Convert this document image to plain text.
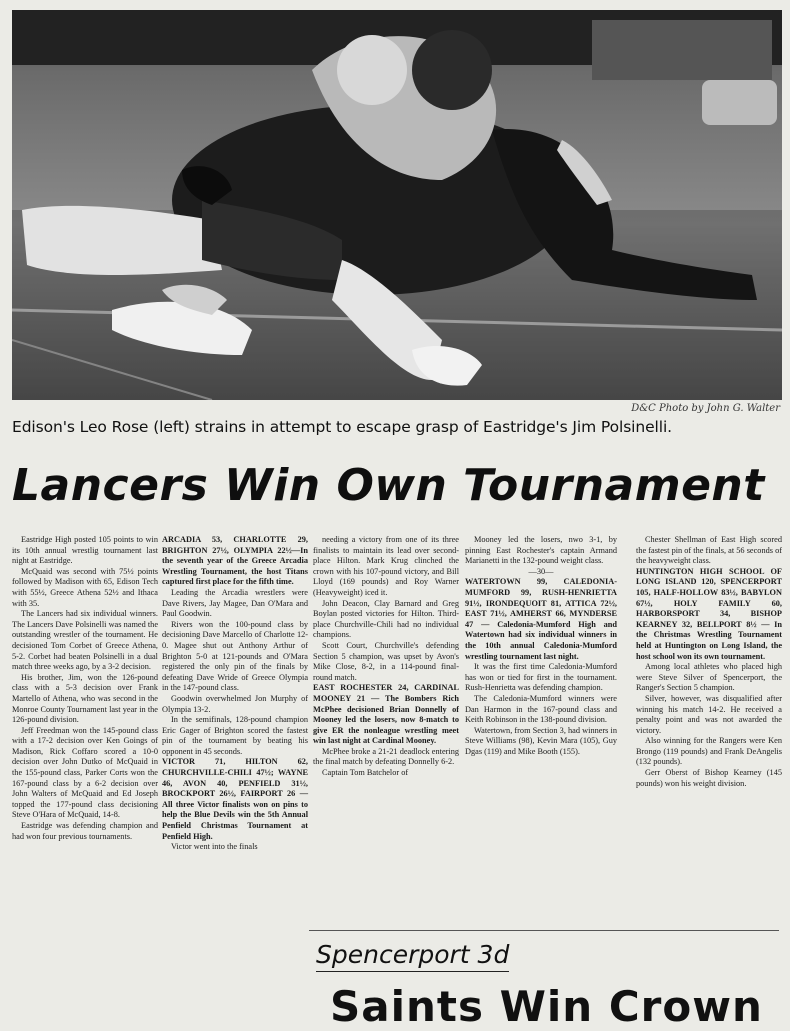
D&C Photo by John G. Walter
Edison's Leo Rose (left) strains in attempt to escape grasp of Eastridge's Jim Polsinelli.
Lancers Win Own Tournament

Eastridge High posted 105 points to win its 10th annual wrestlig tournament last night at Eastridge.

McQuaid was second with 75½ points followed by Madison with 65, Edison Tech with 55½, Greece Athena 52½ and Ithaca with 35.

The Lancers had six individual winners. The Lancers Dave Polsinelli was named the outstanding wrestler of the tournament. He decisioned Tom Corbet of Greece Athena, 5-2. Corbet had beaten Polsinelli in a dual match three weeks ago, by a 3-2 decision.

His brother, Jim, won the 126-pound class with a 5-3 decision over Frank Martello of Athena, who was second in the Monroe County Tournament last year in the 126-pound division.

Jeff Freedman won the 145-pound class with a 17-2 decision over Ken Goings of Madison, Rick Coffaro scored a 10-0 decision over John Dutko of McQuaid in the 155-pound class, Parker Corts won the 167-pound class by a 6-2 decision over John Walters of McQuaid and Ed Joseph topped the 177-pound class decisioning Steve O'Hara of McQuaid, 14-8.

Eastridge was defending champion and had won four previous tournaments.

ARCADIA 53, CHARLOTTE 29, BRIGHTON 27½, OLYMPIA 22½—In the seventh year of the Greece Arcadia Wrestling Tournament, the host Titans captured first place for the fifth time.

Leading the Arcadia wrestlers were Dave Rivers, Jay Magee, Dan O'Mara and Paul Goodwin.

Rivers won the 100-pound class by decisioning Dave Marcello of Charlotte 12-0. Magee shut out Anthony Arthur of Brighton 5-0 at 121-pounds and O'Mara registered the only pin of the finals by defeating Dave Wride of Greece Olympia in the 147-pound class.

Goodwin overwhelmed Jon Murphy of Olympia 13-2.

In the semifinals, 128-pound champion Eric Gager of Brighton scored the fastest pin of the tournament by beating his opponent in 45 seconds.

VICTOR 71, HILTON 62, CHURCHVILLE-CHILI 47½; WAYNE 46, AVON 40, PENFIELD 31½, BROCKPORT 26½, FAIRPORT 26 — All three Victor finalists won on pins to help the Blue Devils win the 5th Annual Penfield Christmas Tournament at Penfield High.

Victor went into the finals

needing a victory from one of its three finalists to maintain its lead over second-place Hilton. Mark Krug clinched the crown with his 107-pound victory, and Bill Lloyd (169 pounds) and Roy Warner (Heavyweight) iced it.

John Deacon, Clay Barnard and Greg Boylan posted victories for Hilton. Third-place Churchville-Chili had no individual champions.

Scott Court, Churchville's defending Section 5 champion, was upset by Avon's Mike Close, 8-2, in a 114-pound final-round match.

EAST ROCHESTER 24, CARDINAL MOONEY 21 — The Bombers Rich McPhee decisioned Brian Donnelly of Mooney led the losers, now 8-match to give ER the nonleague wrestling meet win last night at Cardinal Mooney.

McPhee broke a 21-21 deadlock entering the final match by defeating Donnelly 6-2.

Captain Tom Batchelor of

Mooney led the losers, nwo 3-1, by pinning East Rochester's captain Armand Marianetti in the 132-pound weight class.

—30—

WATERTOWN 99, CALEDONIA-MUMFORD 99, RUSH-HENRIETTA 91½, IRONDEQUOIT 81, ATTICA 72½, EAST 71½, AMHERST 66, MYNDERSE 47 — Caledonia-Mumford High and Watertown had six individual winners in the 10th annual Caledonia-Mumford wrestling tournament last night.

It was the first time Caledonia-Mumford has won or tied for first in the tournament. Rush-Henrietta was defending champion.

The Caledonia-Mumford winners were Dan Harmon in the 167-pound class and Keith Robinson in the 138-pound division.

Watertown, from Section 3, had winners in Steve Williams (98), Kevin Mara (105), Guy Dgas (119) and Mike Booth (155).

Chester Shellman of East High scored the fastest pin of the finals, at 56 seconds of the heavyweight class.

HUNTINGTON HIGH SCHOOL OF LONG ISLAND 120, SPENCERPORT 105, HALF-HOLLOW 83½, BABYLON 67½, HOLY FAMILY 60, HARBORSPORT 34, BISHOP KEARNEY 32, BELLPORT 8½ — In the Christmas Wrestling Tournament held at Huntington on Long Island, the host school won its own tournament.

Among local athletes who placed high were Steve Silver of Spencerport, the Ranger's Section 5 champion.

Silver, however, was disqualified after winning his match 14-2. He received a penalty point and was not awarded the victory.

Also winning for the Rangers were Ken Brongo (119 pounds) and Frank DeAngelis (132 pounds).

Gerr Oberst of Bishop Kearney (145 pounds) won his weight division.

Spencerport 3d
Saints Win Crown
